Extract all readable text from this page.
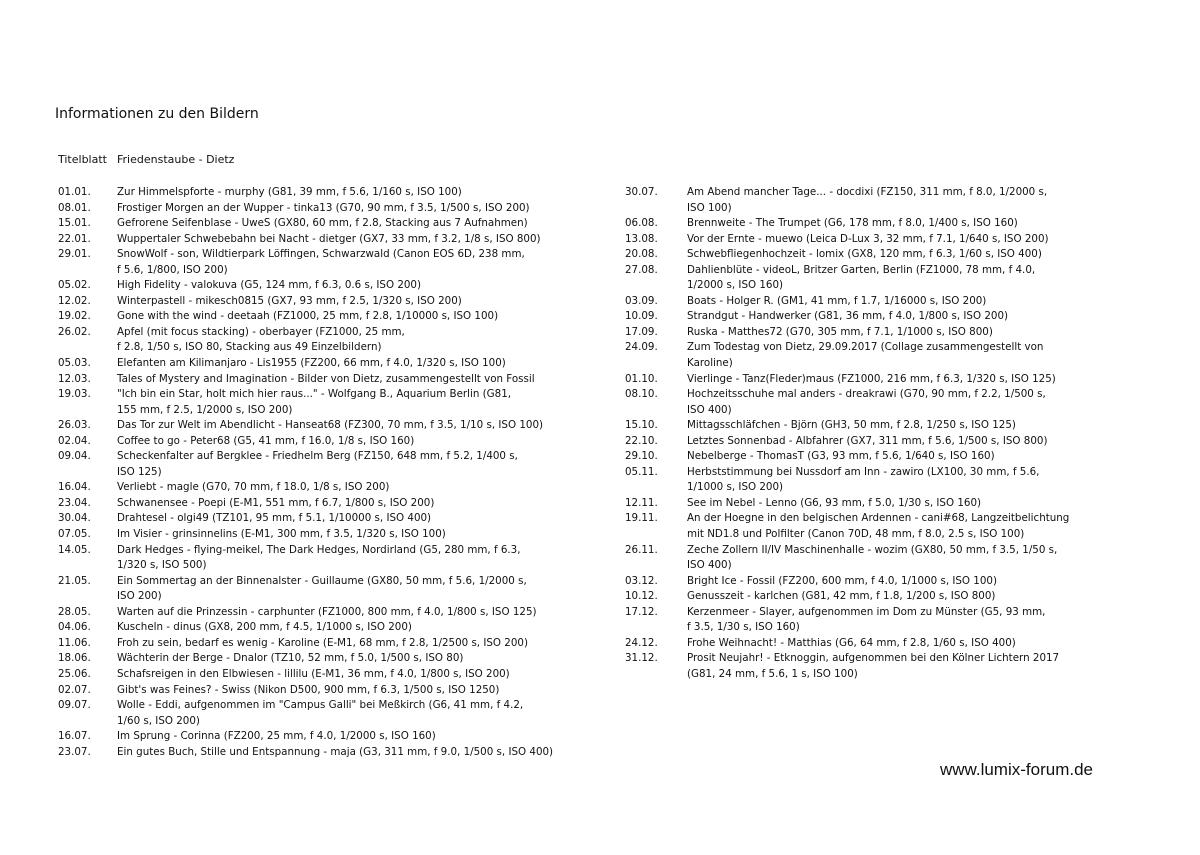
Informationen zu den Bildern
Titelblatt Friedenstaube - Dietz
01.01.	Zur Himmelspforte - murphy (G81, 39 mm, f 5.6, 1/160 s, ISO 100)
08.01.	Frostiger Morgen an der Wupper - tinka13 (G70, 90 mm, f 3.5, 1/500 s, ISO 200)
15.01.	Gefrorene Seifenblase - UweS (GX80, 60 mm, f 2.8, Stacking aus 7 Aufnahmen)
22.01.	Wuppertaler Schwebebahn bei Nacht - dietger (GX7, 33 mm, f 3.2, 1/8 s, ISO 800)
29.01.	SnowWolf - son, Wildtierpark Löffingen, Schwarzwald (Canon EOS 6D, 238 mm,
f 5.6, 1/800, ISO 200)
05.02.	High Fidelity - valokuva (G5, 124 mm, f 6.3, 0.6 s, ISO 200)
12.02.	Winterpastell - mikesch0815 (GX7, 93 mm, f 2.5, 1/320 s, ISO 200)
19.02.	Gone with the wind - deetaah (FZ1000, 25 mm, f 2.8, 1/10000 s, ISO 100)
26.02.	Apfel (mit focus stacking) - oberbayer (FZ1000, 25 mm,
f 2.8, 1/50 s, ISO 80, Stacking aus 49 Einzelbildern)
05.03.	Elefanten am Kilimanjaro - Lis1955 (FZ200, 66 mm, f 4.0, 1/320 s, ISO 100)
12.03.	Tales of Mystery and Imagination - Bilder von Dietz, zusammengestellt von Fossil
19.03.	"Ich bin ein Star, holt mich hier raus..." - Wolfgang B., Aquarium Berlin (G81,
155 mm, f 2.5, 1/2000 s, ISO 200)
26.03.	Das Tor zur Welt im Abendlicht - Hanseat68 (FZ300, 70 mm, f 3.5, 1/10 s, ISO 100)
02.04.	Coffee to go - Peter68 (G5, 41 mm, f 16.0, 1/8 s, ISO 160)
09.04.	Scheckenfalter auf Bergklee - Friedhelm Berg (FZ150, 648 mm, f 5.2, 1/400 s,
ISO 125)
16.04.	Verliebt - magle (G70, 70 mm, f 18.0, 1/8 s, ISO 200)
23.04.	Schwanensee - Poepi (E-M1, 551 mm, f 6.7, 1/800 s, ISO 200)
30.04.	Drahtesel - olgi49 (TZ101, 95 mm, f 5.1, 1/10000 s, ISO 400)
07.05.	Im Visier - grinsinnelins (E-M1, 300 mm, f 3.5, 1/320 s, ISO 100)
14.05.	Dark Hedges - flying-meikel, The Dark Hedges, Nordirland (G5, 280 mm, f 6.3,
1/320 s, ISO 500)
21.05.	Ein Sommertag an der Binnenalster - Guillaume (GX80, 50 mm, f 5.6, 1/2000 s,
ISO 200)
28.05.	Warten auf die Prinzessin - carphunter (FZ1000, 800 mm, f 4.0, 1/800 s, ISO 125)
04.06.	Kuscheln - dinus (GX8, 200 mm, f 4.5, 1/1000 s, ISO 200)
11.06.	Froh zu sein, bedarf es wenig - Karoline (E-M1, 68 mm, f 2.8, 1/2500 s, ISO 200)
18.06.	Wächterin der Berge - Dnalor (TZ10, 52 mm, f 5.0, 1/500 s, ISO 80)
25.06.	Schafsreigen in den Elbwiesen - lillilu (E-M1, 36 mm, f 4.0, 1/800 s, ISO 200)
02.07.	Gibt's was Feines? - Swiss (Nikon D500, 900 mm, f 6.3, 1/500 s, ISO 1250)
09.07.	Wolle - Eddi, aufgenommen im "Campus Galli" bei Meßkirch (G6, 41 mm, f 4.2,
1/60 s, ISO 200)
16.07.	Im Sprung - Corinna (FZ200, 25 mm, f 4.0, 1/2000 s, ISO 160)
23.07.	Ein gutes Buch, Stille und Entspannung - maja (G3, 311 mm, f 9.0, 1/500 s, ISO 400)
30.07.	Am Abend mancher Tage... - docdixi (FZ150, 311 mm, f 8.0, 1/2000 s,
ISO 100)
06.08.	Brennweite - The Trumpet (G6, 178 mm, f 8.0, 1/400 s, ISO 160)
13.08.	Vor der Ernte - muewo (Leica D-Lux 3, 32 mm, f 7.1, 1/640 s, ISO 200)
20.08.	Schwebfliegenhochzeit - lomix (GX8, 120 mm, f 6.3, 1/60 s, ISO 400)
27.08.	Dahlienblüte - videoL, Britzer Garten, Berlin (FZ1000, 78 mm, f 4.0,
1/2000 s, ISO 160)
03.09.	Boats - Holger R. (GM1, 41 mm, f 1.7, 1/16000 s, ISO 200)
10.09.	Strandgut - Handwerker (G81, 36 mm, f 4.0, 1/800 s, ISO 200)
17.09.	Ruska - Matthes72 (G70, 305 mm, f 7.1, 1/1000 s, ISO 800)
24.09.	Zum Todestag von Dietz, 29.09.2017 (Collage zusammengestellt von
Karoline)
01.10.	Vierlinge - Tanz(Fleder)maus (FZ1000, 216 mm, f 6.3, 1/320 s, ISO 125)
08.10.	Hochzeitsschuhe mal anders - dreakrawi (G70, 90 mm, f 2.2, 1/500 s,
ISO 400)
15.10.	Mittagsschläfchen - Björn (GH3, 50 mm, f 2.8, 1/250 s, ISO 125)
22.10.	Letztes Sonnenbad - Albfahrer (GX7, 311 mm, f 5.6, 1/500 s, ISO 800)
29.10.	Nebelberge - ThomasT (G3, 93 mm, f 5.6, 1/640 s, ISO 160)
05.11.	Herbststimmung bei Nussdorf am Inn - zawiro (LX100, 30 mm, f 5.6,
1/1000 s, ISO 200)
12.11.	See im Nebel - Lenno (G6, 93 mm, f 5.0, 1/30 s, ISO 160)
19.11.	An der Hoegne in den belgischen Ardennen - cani#68, Langzeitbelichtung
mit ND1.8 und Polfilter (Canon 70D, 48 mm, f 8.0, 2.5 s, ISO 100)
26.11.	Zeche Zollern II/IV Maschinenhalle - wozim (GX80, 50 mm, f 3.5, 1/50 s,
ISO 400)
03.12.	Bright Ice - Fossil (FZ200, 600 mm, f 4.0, 1/1000 s, ISO 100)
10.12.	Genusszeit - karlchen (G81, 42 mm, f 1.8, 1/200 s, ISO 800)
17.12.	Kerzenmeer - Slayer, aufgenommen im Dom zu Münster (G5, 93 mm,
f 3.5, 1/30 s, ISO 160)
24.12.	Frohe Weihnacht! - Matthias (G6, 64 mm, f 2.8, 1/60 s, ISO 400)
31.12.	Prosit Neujahr! - Etknoggin, aufgenommen bei den Kölner Lichtern 2017
(G81, 24 mm, f 5.6, 1 s, ISO 100)
www.lumix-forum.de
